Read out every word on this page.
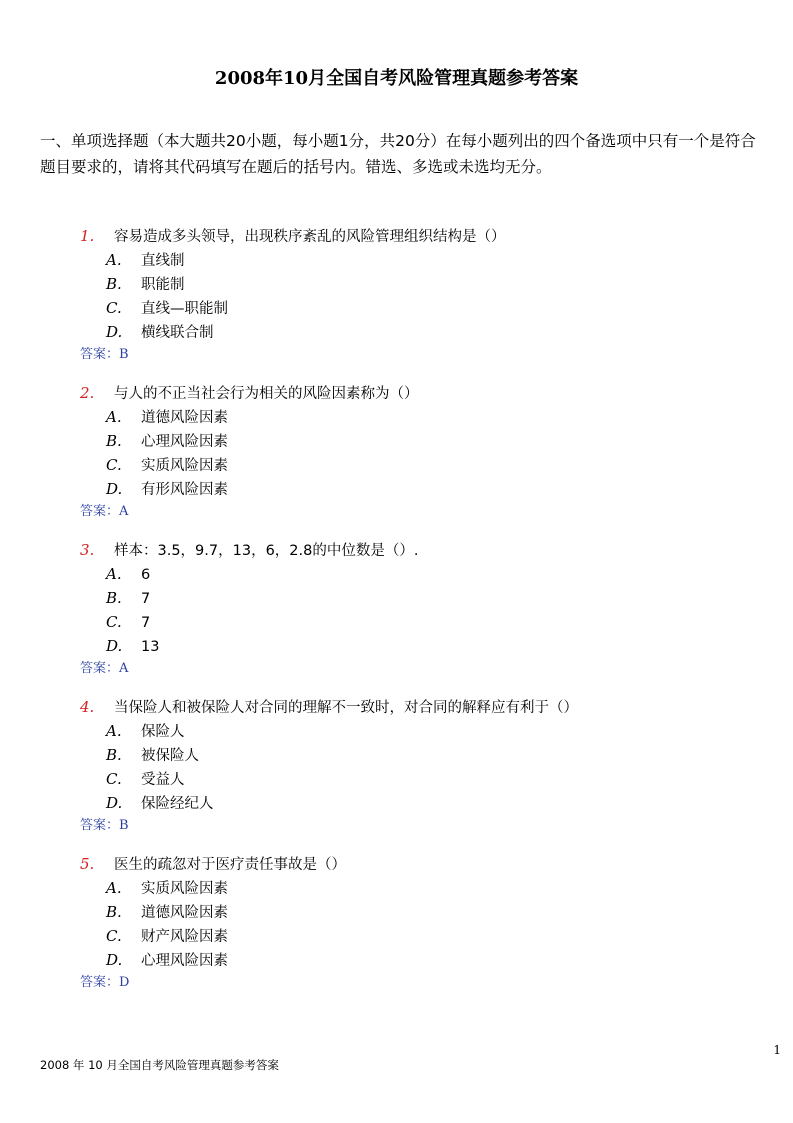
2008年10月全国自考风险管理真题参考答案
一、单项选择题（本大题共20小题，每小题1分，共20分）在每小题列出的四个备选项中只有一个是符合题目要求的，请将其代码填写在题后的括号内。错选、多选或未选均无分。
1. 容易造成多头领导，出现秩序紊乱的风险管理组织结构是（）
A. 直线制
B. 职能制
C. 直线—职能制
D. 横线联合制
答案：B
2. 与人的不正当社会行为相关的风险因素称为（）
A. 道德风险因素
B. 心理风险因素
C. 实质风险因素
D. 有形风险因素
答案：A
3. 样本：3.5，9.7，13，6，2.8的中位数是（）.
A. 6
B. 7
C. 7
D. 13
答案：A
4. 当保险人和被保险人对合同的理解不一致时，对合同的解释应有利于（）
A. 保险人
B. 被保险人
C. 受益人
D. 保险经纪人
答案：B
5. 医生的疏忽对于医疗责任事故是（）
A. 实质风险因素
B. 道德风险因素
C. 财产风险因素
D. 心理风险因素
答案：D
1
2008 年 10 月全国自考风险管理真题参考答案
